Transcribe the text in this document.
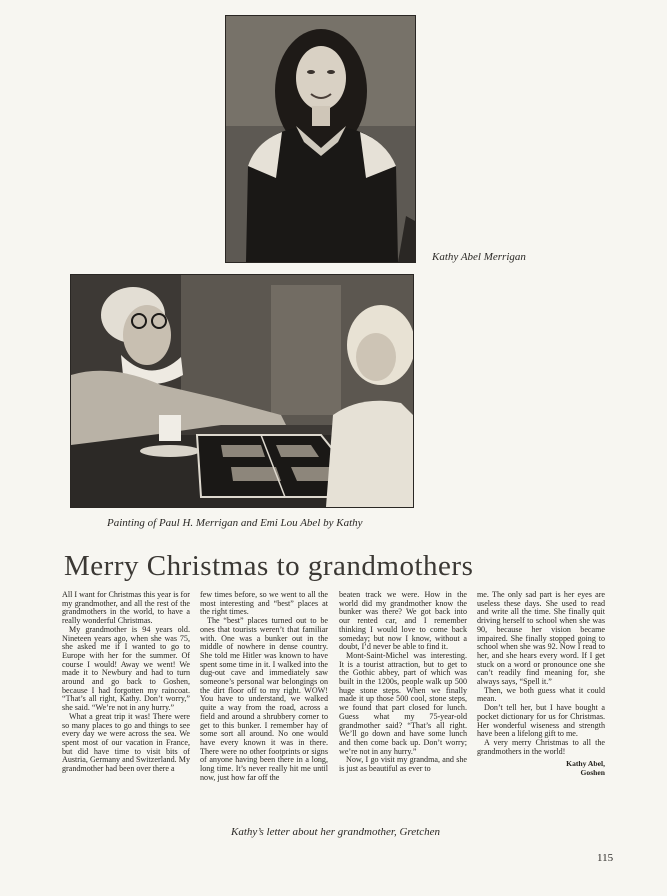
Kathy Abel Merrigan
Painting of Paul H. Merrigan and Emi Lou Abel by Kathy
Merry Christmas to grandmothers

All I want for Christmas this year is for my grandmother, and all the rest of the grandmothers in the world, to have a really wonderful Christmas.

My grandmother is 94 years old. Nineteen years ago, when she was 75, she asked me if I wanted to go to Europe with her for the summer. Of course I would! Away we went! We made it to Newbury and had to turn around and go back to Goshen, because I had forgotten my raincoat. “That’s all right, Kathy. Don’t worry,” she said. “We’re not in any hurry.”

What a great trip it was! There were so many places to go and things to see every day we were across the sea. We spent most of our vacation in France, but did have time to visit bits of Austria, Germany and Switzerland. My grandmother had been over there a

few times before, so we went to all the most interesting and “best” places at the right times.

The “best” places turned out to be ones that tourists weren’t that familiar with. One was a bunker out in the middle of nowhere in dense country. She told me Hitler was known to have spent some time in it. I walked into the dug-out cave and immediately saw someone’s personal war belongings on the dirt floor off to my right. WOW! You have to understand, we walked quite a way from the road, across a field and around a shrubbery corner to get to this bunker. I remember hay of some sort all around. No one would have every known it was in there. There were no other footprints or signs of anyone having been there in a long, long time. It’s never really hit me until now, just how far off the

beaten track we were. How in the world did my grandmother know the bunker was there? We got back into our rented car, and I remember thinking I would love to come back someday; but now I know, without a doubt, I’d never be able to find it.

Mont-Saint-Michel was interesting. It is a tourist attraction, but to get to the Gothic abbey, part of which was built in the 1200s, people walk up 500 huge stone steps. When we finally made it up those 500 cool, stone steps, we found that part closed for lunch. Guess what my 75-year-old grandmother said? “That’s all right. We’ll go down and have some lunch and then come back up. Don’t worry; we’re not in any hurry.”

Now, I go visit my grandma, and she is just as beautiful as ever to

me. The only sad part is her eyes are useless these days. She used to read and write all the time. She finally quit driving herself to school when she was 90, because her vision became impaired. She finally stopped going to school when she was 92. Now I read to her, and she hears every word. If I get stuck on a word or pronounce one she can’t readily find meaning for, she always says, “Spell it.”

Then, we both guess what it could mean.

Don’t tell her, but I have bought a pocket dictionary for us for Christmas. Her wonderful wiseness and strength have been a lifelong gift to me.

A very merry Christmas to all the grandmothers in the world!

Kathy Abel,
Goshen
Kathy’s letter about her grandmother, Gretchen
115
